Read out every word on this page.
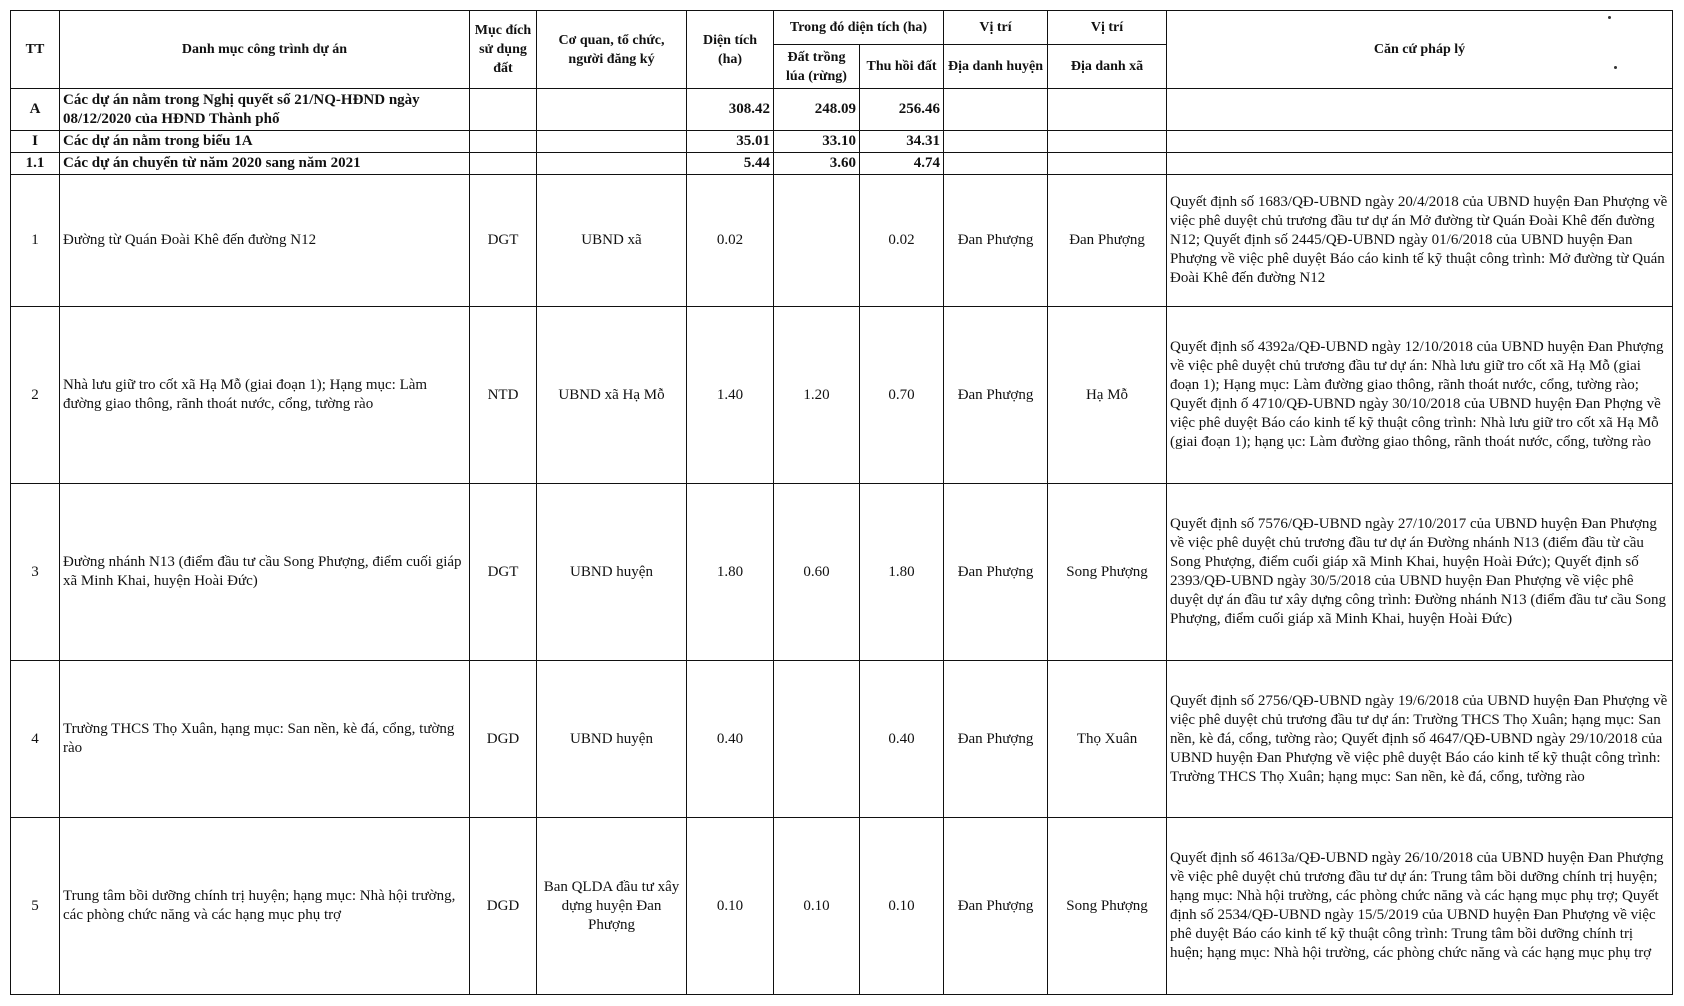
TT	Danh mục công trình dự án	Mục đích sử dụng đất	Cơ quan, tổ chức, người đăng ký	Diện tích (ha)	Trong đó diện tích (ha)		Vị trí	Vị trí	Căn cứ pháp lý
					Đất trồng lúa (rừng)	Thu hồi đất	Địa danh huyện	Địa danh xã	
A	Các dự án nằm trong Nghị quyết số 21/NQ-HĐND ngày 08/12/2020 của HĐND Thành phố			308.42	248.09	256.46			
I	Các dự án nằm trong biểu 1A			35.01	33.10	34.31			
1.1	Các dự án chuyển từ năm 2020 sang năm 2021			5.44	3.60	4.74			
1	Đường từ Quán Đoài Khê đến đường N12	DGT	UBND xã	0.02		0.02	Đan Phượng	Đan Phượng	Quyết định số 1683/QĐ-UBND ngày 20/4/2018 của UBND huyện Đan Phượng về việc phê duyệt chủ trương đầu tư dự án Mở đường từ Quán Đoài Khê đến đường N12; Quyết định số 2445/QĐ-UBND ngày 01/6/2018 của UBND huyện Đan Phượng về việc phê duyệt Báo cáo kinh tế kỹ thuật công trình: Mở đường từ Quán Đoài Khê đến đường N12
2	Nhà lưu giữ tro cốt xã Hạ Mỗ (giai đoạn 1); Hạng mục: Làm đường giao thông, rãnh thoát nước, cổng, tường rào	NTD	UBND xã Hạ Mỗ	1.40	1.20	0.70	Đan Phượng	Hạ Mỗ	Quyết định số 4392a/QĐ-UBND ngày 12/10/2018 của UBND huyện Đan Phượng về việc phê duyệt chủ trương đầu tư dự án: Nhà lưu giữ tro cốt xã Hạ Mỗ (giai đoạn 1); Hạng mục: Làm đường giao thông, rãnh thoát nước, cổng, tường rào; Quyết định ố 4710/QĐ-UBND ngày 30/10/2018 của UBND huyện Đan Phợng về việc phê duyệt Báo cáo kinh tế kỹ thuật công trình: Nhà lưu giữ tro cốt xã Hạ Mỗ (giai đoạn 1); hạng ục: Làm đường giao thông, rãnh thoát nước, cổng, tường rào
3	Đường nhánh N13 (điểm đầu tư cầu Song Phượng, điểm cuối giáp xã Minh Khai, huyện Hoài Đức)	DGT	UBND huyện	1.80	0.60	1.80	Đan Phượng	Song Phượng	Quyết định số 7576/QĐ-UBND ngày 27/10/2017 của UBND huyện Đan Phượng về việc phê duyệt chủ trương đầu tư dự án Đường nhánh N13 (điểm đầu từ cầu Song Phượng, điểm cuối giáp xã Minh Khai, huyện Hoài Đức); Quyết định số 2393/QĐ-UBND ngày 30/5/2018 của UBND huyện Đan Phượng về việc phê duyệt dự án đầu tư xây dựng công trình: Đường nhánh N13 (điểm đầu tư cầu Song Phượng, điểm cuối giáp xã Minh Khai, huyện Hoài Đức)
4	Trường THCS Thọ Xuân, hạng mục: San nền, kè đá, cổng, tường rào	DGD	UBND huyện	0.40		0.40	Đan Phượng	Thọ Xuân	Quyết định số 2756/QĐ-UBND ngày 19/6/2018 của UBND huyện Đan Phượng về việc phê duyệt chủ trương đầu tư dự án: Trường THCS Thọ Xuân; hạng mục: San nền, kè đá, cổng, tường rào; Quyết định số 4647/QĐ-UBND ngày 29/10/2018 của UBND huyện Đan Phượng về việc phê duyệt Báo cáo kinh tế kỹ thuật công trình: Trường THCS Thọ Xuân; hạng mục: San nền, kè đá, cổng, tường rào
5	Trung tâm bồi dưỡng chính trị huyện; hạng mục: Nhà hội trường, các phòng chức năng và các hạng mục phụ trợ	DGD	Ban QLDA đầu tư xây dựng huyện Đan Phượng	0.10	0.10	0.10	Đan Phượng	Song Phượng	Quyết định số 4613a/QĐ-UBND ngày 26/10/2018 của UBND huyện Đan Phượng về việc phê duyệt chủ trương đầu tư dự án: Trung tâm bồi dưỡng chính trị huyện; hạng mục: Nhà hội trường, các phòng chức năng và các hạng mục phụ trợ; Quyết định số 2534/QĐ-UBND ngày 15/5/2019 của UBND huyện Đan Phượng về việc phê duyệt Báo cáo kinh tế kỹ thuật công trình: Trung tâm bồi dưỡng chính trị huện; hạng mục: Nhà hội trường, các phòng chức năng và các hạng mục phụ trợ
